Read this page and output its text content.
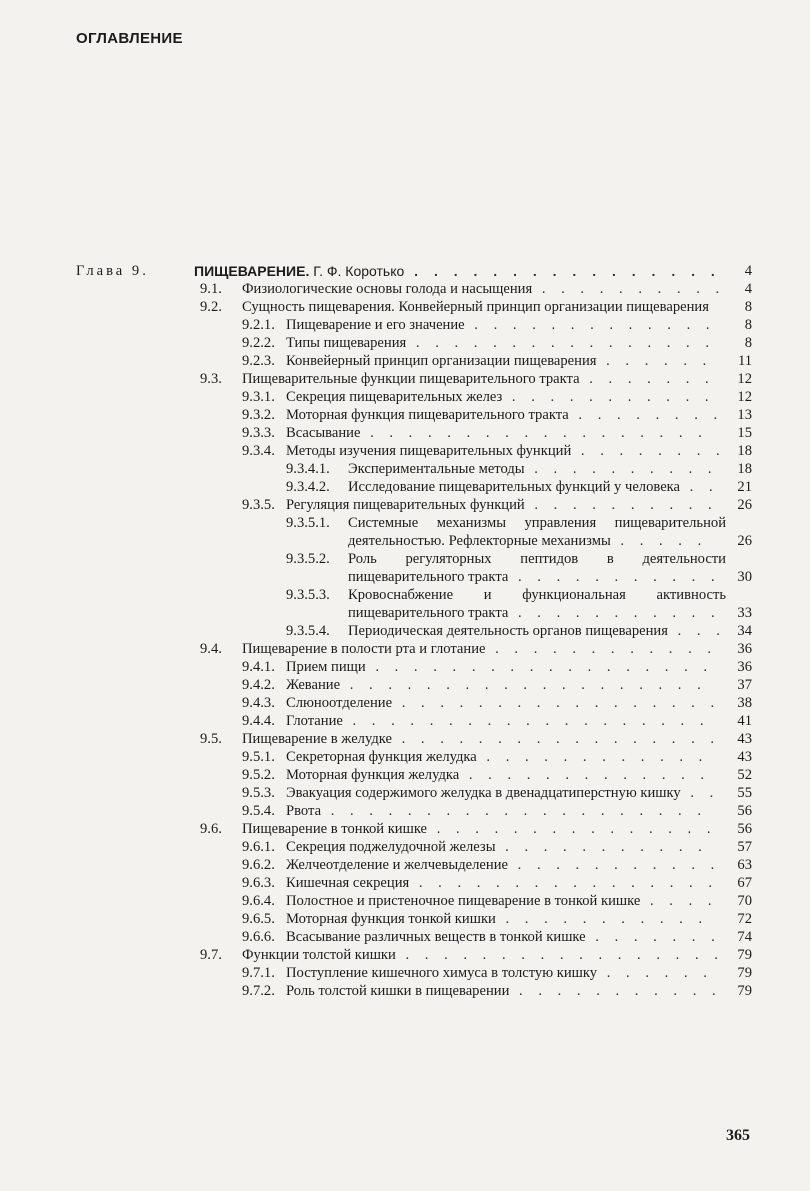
ОГЛАВЛЕНИЕ
Глава 9.	ПИЩЕВАРЕНИЕ. Г. Ф. Коротько . . . . . . . . . . . . . . . .	4
9.1. Физиологические основы голода и насыщения . . . . . . . . . .	4
9.2. Сущность пищеварения. Конвейерный принцип организации пищеварения	8
9.2.1. Пищеварение и его значение . . . . . . . . . . . . .	8
9.2.2. Типы пищеварения . . . . . . . . . . . . . . . .	8
9.2.3. Конвейерный принцип организации пищеварения . . . . . .	11
9.3. Пищеварительные функции пищеварительного тракта . . . . . . .	12
9.3.1. Секреция пищеварительных желез . . . . . . . . . . .	12
9.3.2. Моторная функция пищеварительного тракта . . . . . . . . 13
9.3.3. Всасывание . . . . . . . . . . . . . . . . . .	15
9.3.4. Методы изучения пищеварительных функций . . . . . . . . 18
9.3.4.1. Экспериментальные методы . . . . . . . . . .	18
9.3.4.2. Исследование пищеварительных функций у человека . .	21
9.3.5. Регуляция пищеварительных функций . . . . . . . . . .	26
9.3.5.1. Системные механизмы управления пищеварительной деятельностью. Рефлекторные механизмы . . . . .	26
9.3.5.2. Роль регуляторных пептидов в деятельности пищеварительного тракта . . . . . . . . . . .	30
9.3.5.3. Кровоснабжение и функциональная активность пищеварительного тракта . . . . . . . . . . .	33
9.3.5.4. Периодическая деятельность органов пищеварения . . . 34
9.4. Пищеварение в полости рта и глотание . . . . . . . . . . . .	36
9.4.1. Прием пищи . . . . . . . . . . . . . . . . . .	36
9.4.2. Жевание . . . . . . . . . . . . . . . . . . .	37
9.4.3. Слюноотделение . . . . . . . . . . . . . . . . .	38
9.4.4. Глотание . . . . . . . . . . . . . . . . . . .	41
9.5. Пищеварение в желудке . . . . . . . . . . . . . . . . .	43
9.5.1. Секреторная функция желудка . . . . . . . . . . . .	43
9.5.2. Моторная функция желудка . . . . . . . . . . . . .	52
9.5.3. Эвакуация содержимого желудка в двенадцатиперстную кишку . .	55
9.5.4. Рвота . . . . . . . . . . . . . . . . . . . .	56
9.6. Пищеварение в тонкой кишке . . . . . . . . . . . . . . .	56
9.6.1. Секреция поджелудочной железы . . . . . . . . . . .	57
9.6.2. Желчеотделение и желчевыделение . . . . . . . . . . .	63
9.6.3. Кишечная секреция . . . . . . . . . . . . . . . .	67
9.6.4. Полостное и пристеночное пищеварение в тонкой кишке . . . .	70
9.6.5. Моторная функция тонкой кишки . . . . . . . . . . .	72
9.6.6. Всасывание различных веществ в тонкой кишке . . . . . . .	74
9.7. Функции толстой кишки . . . . . . . . . . . . . . . . . 79
9.7.1. Поступление кишечного химуса в толстую кишку . . . . . .	79
9.7.2. Роль толстой кишки в пищеварении . . . . . . . . . . . 79
365
